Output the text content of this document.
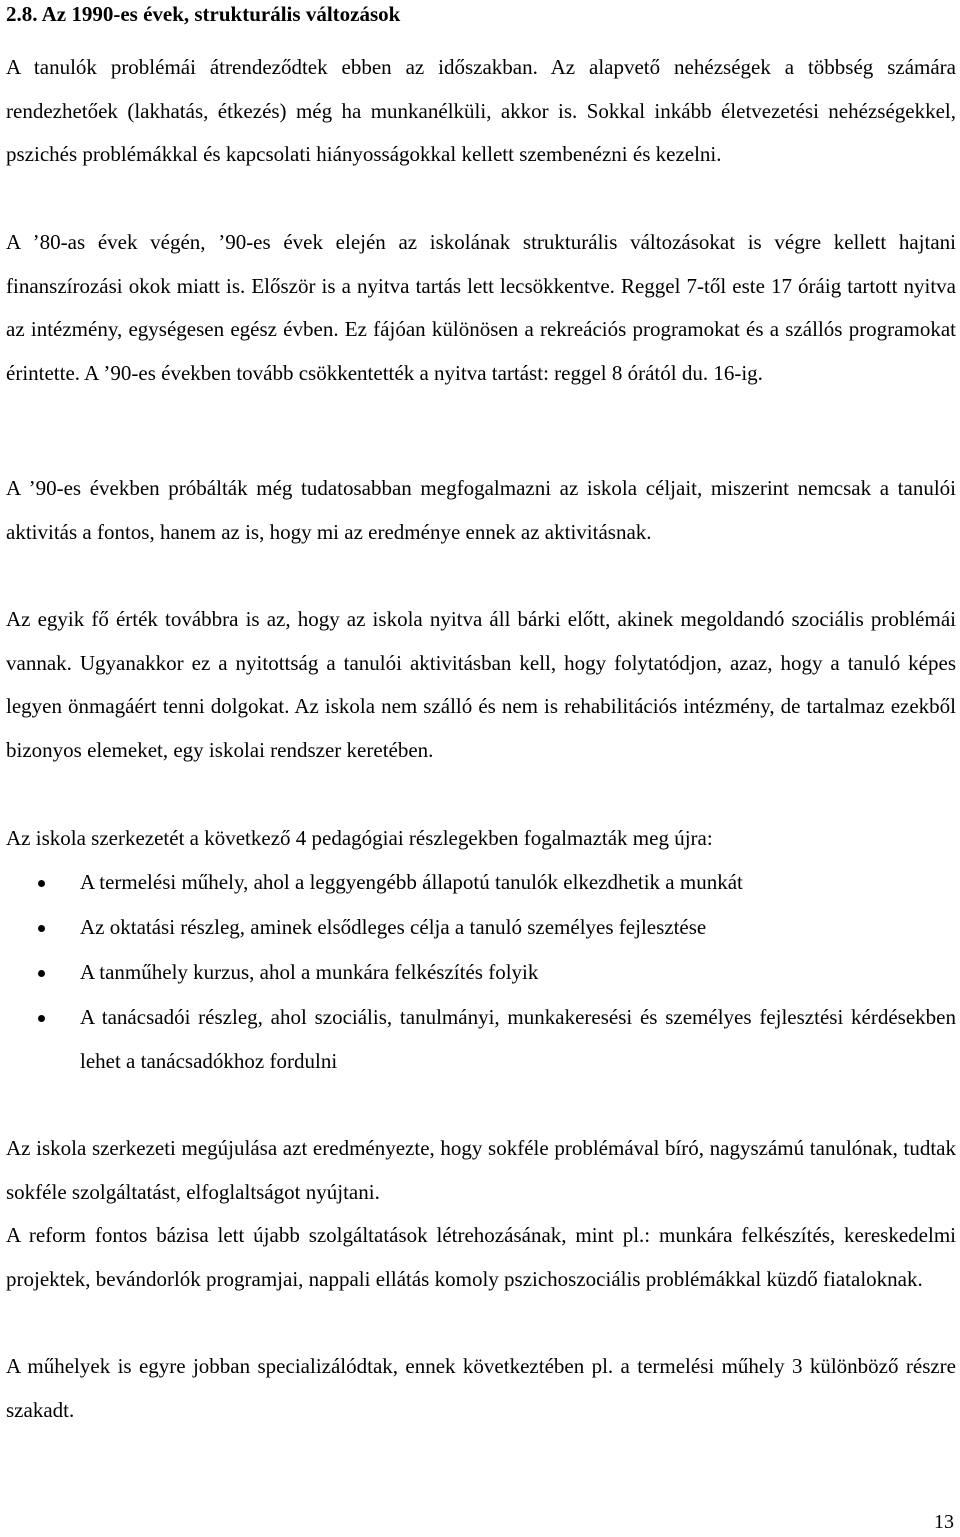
2.8. Az 1990-es évek, strukturális változások

A tanulók problémái átrendeződtek ebben az időszakban. Az alapvető nehézségek a többség számára rendezhetőek (lakhatás, étkezés) még ha munkanélküli, akkor is. Sokkal inkább életvezetési nehézségekkel, pszichés problémákkal és kapcsolati hiányosságokkal kellett szembenézni és kezelni.

A ’80-as évek végén, ’90-es évek elején az iskolának strukturális változásokat is végre kellett hajtani finanszírozási okok miatt is. Először is a nyitva tartás lett lecsökkentve. Reggel 7-től este 17 óráig tartott nyitva az intézmény, egységesen egész évben. Ez fájóan különösen a rekreációs programokat és a szállós programokat érintette. A ’90-es években tovább csökkentették a nyitva tartást: reggel 8 órától du. 16-ig.

A ’90-es években próbálták még tudatosabban megfogalmazni az iskola céljait, miszerint nemcsak a tanulói aktivitás a fontos, hanem az is, hogy mi az eredménye ennek az aktivitásnak.

Az egyik fő érték továbbra is az, hogy az iskola nyitva áll bárki előtt, akinek megoldandó szociális problémái vannak. Ugyanakkor ez a nyitottság a tanulói aktivitásban kell, hogy folytatódjon, azaz, hogy a tanuló képes legyen önmagáért tenni dolgokat. Az iskola nem szálló és nem is rehabilitációs intézmény, de tartalmaz ezekből bizonyos elemeket, egy iskolai rendszer keretében.

Az iskola szerkezetét a következő 4 pedagógiai részlegekben fogalmazták meg újra:

A termelési műhely, ahol a leggyengébb állapotú tanulók elkezdhetik a munkát
Az oktatási részleg, aminek elsődleges célja a tanuló személyes fejlesztése
A tanműhely kurzus, ahol a munkára felkészítés folyik
A tanácsadói részleg, ahol szociális, tanulmányi, munkakeresési és személyes fejlesztési kérdésekben lehet a tanácsadókhoz fordulni

Az iskola szerkezeti megújulása azt eredményezte, hogy sokféle problémával bíró, nagyszámú tanulónak, tudtak sokféle szolgáltatást, elfoglaltságot nyújtani.

A reform fontos bázisa lett újabb szolgáltatások létrehozásának, mint pl.: munkára felkészítés, kereskedelmi projektek, bevándorlók programjai, nappali ellátás komoly pszichoszociális problémákkal küzdő fiataloknak.

A műhelyek is egyre jobban specializálódtak, ennek következtében pl. a termelési műhely 3 különböző részre szakadt.

13
